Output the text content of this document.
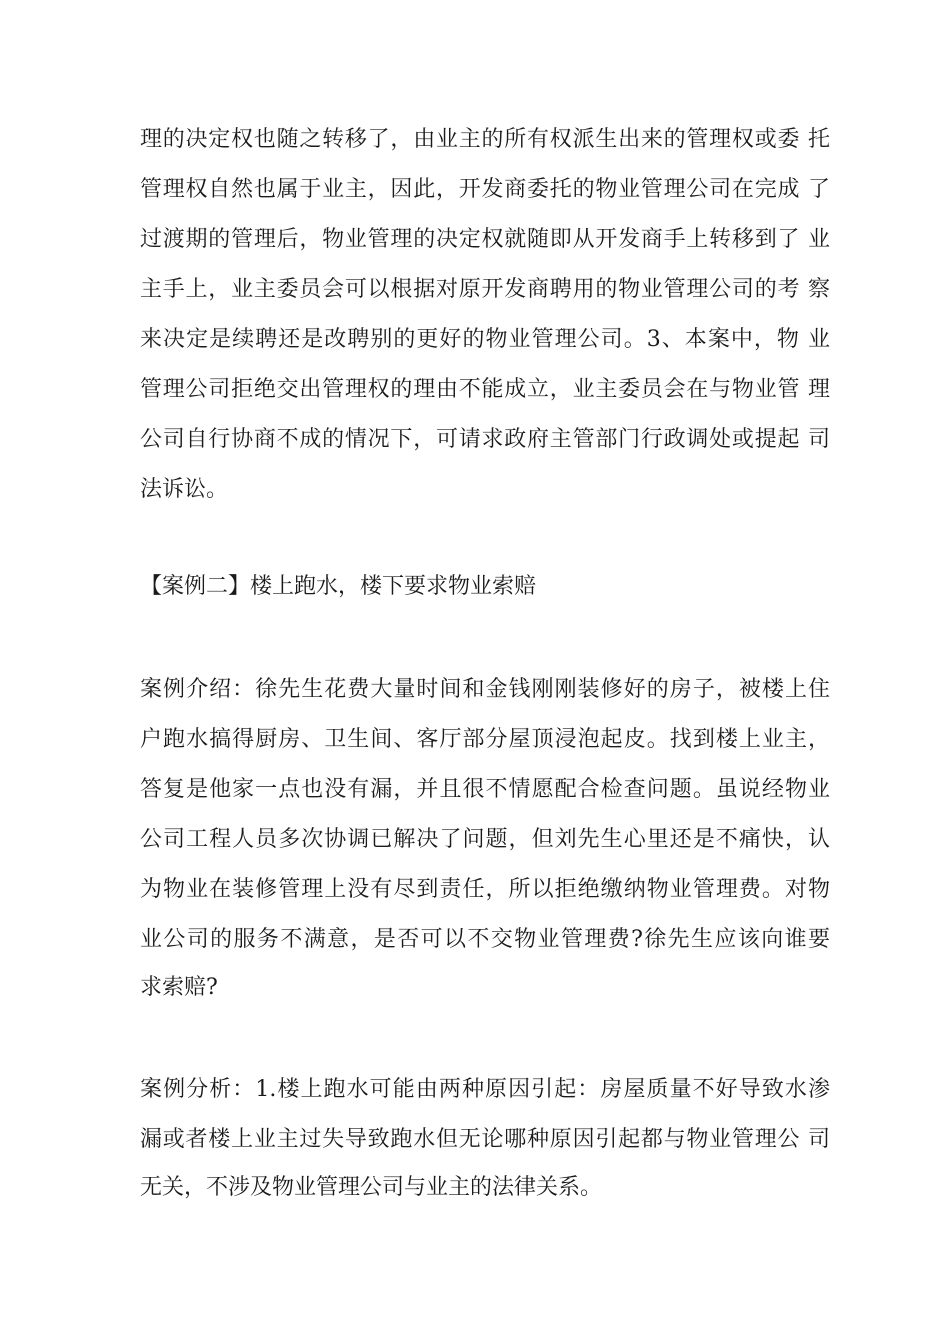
理的决定权也随之转移了，由业主的所有权派生出来的管理权或委 托
管理权自然也属于业主，因此，开发商委托的物业管理公司在完成 了
过渡期的管理后，物业管理的决定权就随即从开发商手上转移到了 业
主手上，业主委员会可以根据对原开发商聘用的物业管理公司的考 察
来决定是续聘还是改聘别的更好的物业管理公司。3、本案中，物 业
管理公司拒绝交出管理权的理由不能成立，业主委员会在与物业管 理
公司自行协商不成的情况下，可请求政府主管部门行政调处或提起 司
法诉讼。
【案例二】楼上跑水，楼下要求物业索赔
案例介绍：徐先生花费大量时间和金钱刚刚装修好的房子，被楼上住
户跑水搞得厨房、卫生间、客厅部分屋顶浸泡起皮。找到楼上业主，
答复是他家一点也没有漏，并且很不情愿配合检查问题。虽说经物业
公司工程人员多次协调已解决了问题，但刘先生心里还是不痛快，认
为物业在装修管理上没有尽到责任，所以拒绝缴纳物业管理费。对物
业公司的服务不满意，是否可以不交物业管理费?徐先生应该向谁要
求索赔?
案例分析：1.楼上跑水可能由两种原因引起：房屋质量不好导致水渗
漏或者楼上业主过失导致跑水但无论哪种原因引起都与物业管理公 司
无关，不涉及物业管理公司与业主的法律关系。
